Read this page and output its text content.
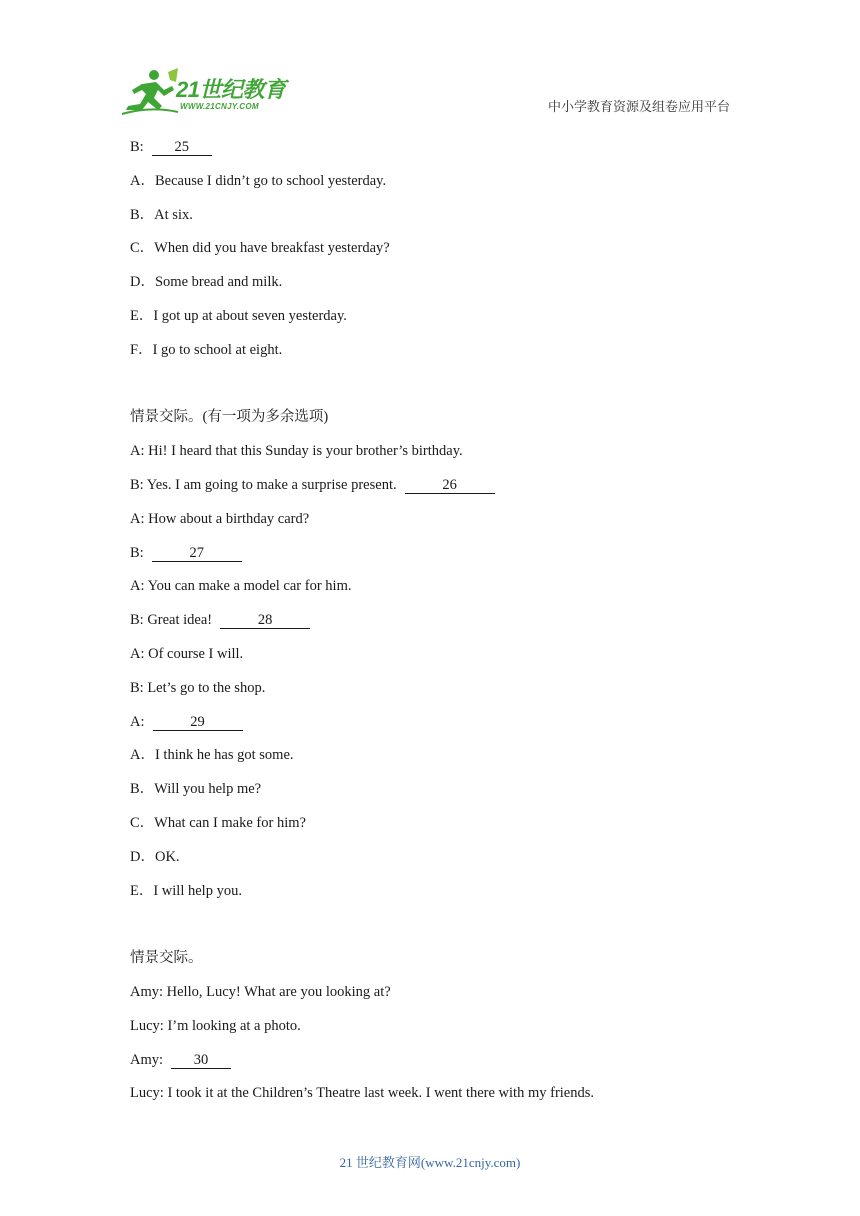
21世纪教育
WWW.21CNJY.COM	中小学教育资源及组卷应用平台
B: 25
A．Because I didn’t go to school yesterday.
B．At six.
C．When did you have breakfast yesterday?
D．Some bread and milk.
E．I got up at about seven yesterday.
F．I go to school at eight.
情景交际。(有一项为多余选项)
A: Hi! I heard that this Sunday is your brother’s birthday.
B: Yes. I am going to make a surprise present.	26
A: How about a birthday card?
B:	27
A: You can make a model car for him.
B: Great idea!	28
A: Of course I will.
B: Let’s go to the shop.
A:	29
A．I think he has got some.
B．Will you help me?
C．What can I make for him?
D．OK.
E．I will help you.
情景交际。
Amy: Hello, Lucy! What are you looking at?
Lucy: I’m looking at a photo.
Amy: 30
Lucy: I took it at the Children’s Theatre last week. I went there with my friends.
21 世纪教育网(www.21cnjy.com)
